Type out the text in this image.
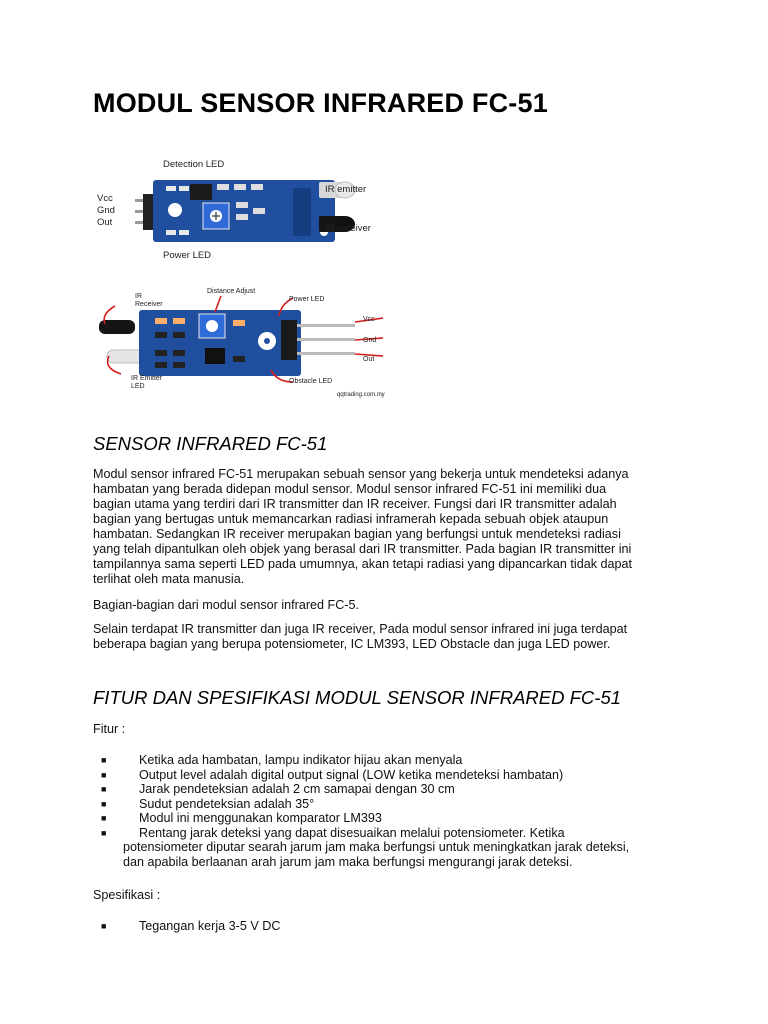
MODUL SENSOR INFRARED FC-51
Detection LED
Vcc
Gnd
Out
Power LED
IR emitter
IR receiver
IR
Receiver
Distance Adjust
Power LED
Vcc
Gnd
Out
IR Emitter
LED
Obstacle LED
qqtrading.com.my
SENSOR INFRARED FC-51
Modul sensor infrared FC-51 merupakan sebuah sensor yang bekerja untuk mendeteksi adanya
hambatan yang berada didepan modul sensor. Modul sensor infrared FC-51 ini memiliki dua
bagian utama yang terdiri dari IR transmitter dan IR receiver. Fungsi dari IR transmitter adalah
bagian yang bertugas untuk memancarkan radiasi inframerah kepada sebuah objek ataupun
hambatan. Sedangkan IR receiver merupakan bagian yang berfungsi untuk mendeteksi radiasi
yang telah dipantulkan oleh objek yang berasal dari IR transmitter. Pada bagian IR transmitter ini
tampilannya sama seperti LED pada umumnya, akan tetapi radiasi yang dipancarkan tidak dapat
terlihat oleh mata manusia.
Bagian-bagian dari modul sensor infrared FC-5.
Selain terdapat IR transmitter dan juga IR receiver, Pada modul sensor infrared ini juga terdapat
beberapa bagian yang berupa potensiometer, IC LM393, LED Obstacle dan juga LED power.
FITUR DAN SPESIFIKASI MODUL SENSOR INFRARED FC-51
Fitur :
■	Ketika ada hambatan, lampu indikator hijau akan menyala
■	Output level adalah digital output signal (LOW ketika mendeteksi hambatan)
■	Jarak pendeteksian adalah 2 cm samapai dengan 30 cm
■	Sudut pendeteksian adalah 35°
■	Modul ini menggunakan komparator LM393
■	Rentang jarak deteksi yang dapat disesuaikan melalui potensiometer. Ketika
potensiometer diputar searah jarum jam maka berfungsi untuk meningkatkan jarak deteksi,
dan apabila berlaanan arah jarum jam maka berfungsi mengurangi jarak deteksi.
Spesifikasi :
■	Tegangan kerja 3-5 V DC
